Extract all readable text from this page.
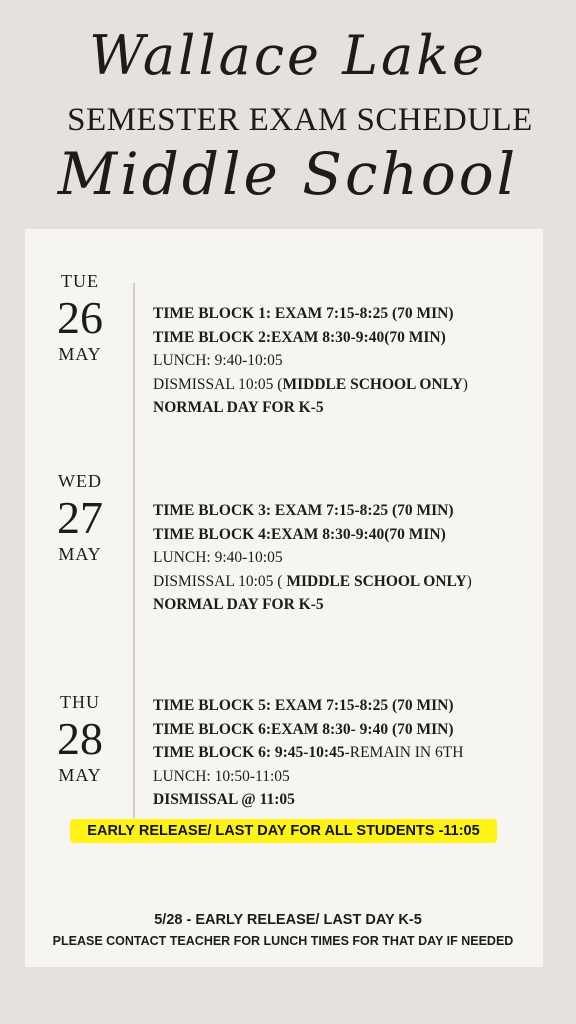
Wallace Lake
SEMESTER EXAM SCHEDULE
Middle School
TUE
26
MAY
TIME BLOCK 1: EXAM 7:15-8:25 (70 MIN)
TIME BLOCK 2:EXAM 8:30-9:40(70 MIN)
LUNCH: 9:40-10:05
DISMISSAL 10:05 (MIDDLE SCHOOL ONLY)
NORMAL DAY FOR K-5
WED
27
MAY
TIME BLOCK 3: EXAM 7:15-8:25 (70 MIN)
TIME BLOCK 4:EXAM 8:30-9:40(70 MIN)
LUNCH: 9:40-10:05
DISMISSAL 10:05 ( MIDDLE SCHOOL ONLY)
NORMAL DAY FOR K-5
THU
28
MAY
TIME BLOCK 5: EXAM 7:15-8:25 (70 MIN)
TIME BLOCK 6:EXAM 8:30- 9:40 (70 MIN)
TIME BLOCK 6: 9:45-10:45-REMAIN IN 6TH
LUNCH: 10:50-11:05
DISMISSAL @ 11:05
EARLY RELEASE/ LAST DAY FOR ALL STUDENTS -11:05
5/28 - EARLY RELEASE/ LAST DAY K-5
PLEASE CONTACT TEACHER FOR LUNCH TIMES FOR THAT DAY IF NEEDED
